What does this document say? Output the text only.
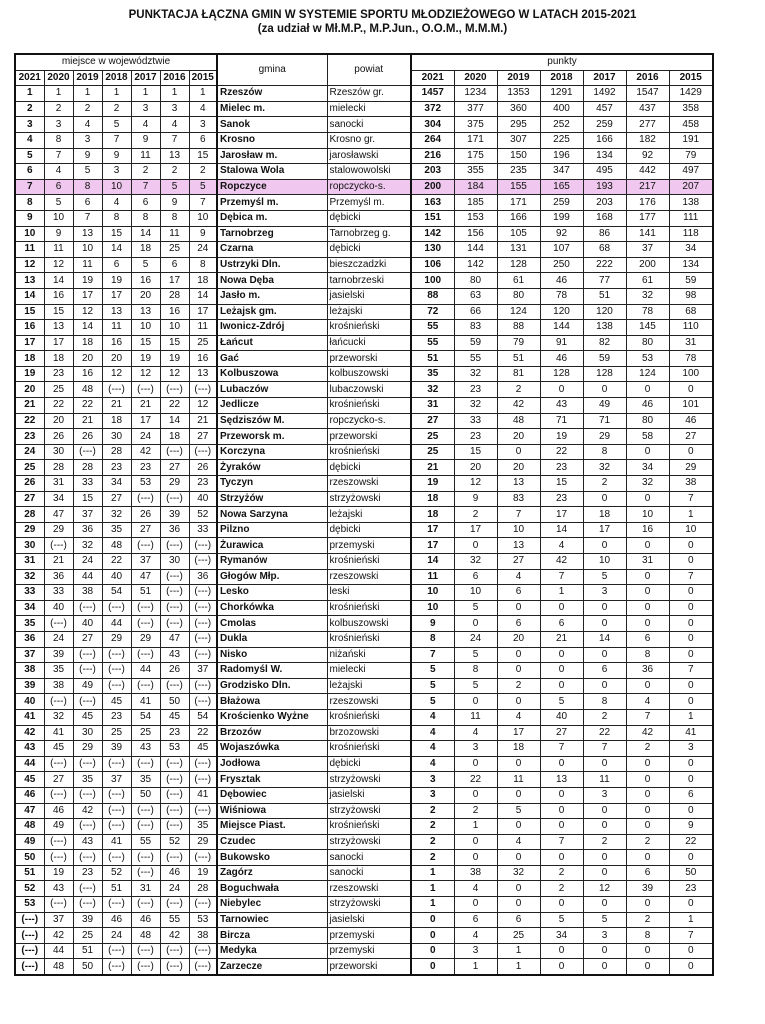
PUNKTACJA ŁĄCZNA GMIN W SYSTEMIE SPORTU MŁODZIEŻOWEGO W LATACH 2015-2021
(za udział w Mł.M.P., M.P.Jun., O.O.M., M.M.M.)
miejsce w województwie							gmina	powiat	punkty						
2021	2020	2019	2018	2017	2016	2015			2021	2020	2019	2018	2017	2016	2015
1	1	1	1	1	1	1	Rzeszów	Rzeszów gr.	1457	1234	1353	1291	1492	1547	1429
2	2	2	2	3	3	4	Mielec m.	mielecki	372	377	360	400	457	437	358
3	3	4	5	4	4	3	Sanok	sanocki	304	375	295	252	259	277	458
4	8	3	7	9	7	6	Krosno	Krosno gr.	264	171	307	225	166	182	191
5	7	9	9	11	13	15	Jarosław m.	jarosławski	216	175	150	196	134	92	79
6	4	5	3	2	2	2	Stalowa Wola	stalowowolski	203	355	235	347	495	442	497
7	6	8	10	7	5	5	Ropczyce	ropczycko-s.	200	184	155	165	193	217	207
8	5	6	4	6	9	7	Przemyśl m.	Przemyśl m.	163	185	171	259	203	176	138
9	10	7	8	8	8	10	Dębica m.	dębicki	151	153	166	199	168	177	111
10	9	13	15	14	11	9	Tarnobrzeg	Tarnobrzeg g.	142	156	105	92	86	141	118
11	11	10	14	18	25	24	Czarna	dębicki	130	144	131	107	68	37	34
12	12	11	6	5	6	8	Ustrzyki Dln.	bieszczadzki	106	142	128	250	222	200	134
13	14	19	19	16	17	18	Nowa Dęba	tarnobrzeski	100	80	61	46	77	61	59
14	16	17	17	20	28	14	Jasło m.	jasielski	88	63	80	78	51	32	98
15	15	12	13	13	16	17	Leżajsk gm.	leżajski	72	66	124	120	120	78	68
16	13	14	11	10	10	11	Iwonicz-Zdrój	krośnieński	55	83	88	144	138	145	110
17	17	18	16	15	15	25	Łańcut	łańcucki	55	59	79	91	82	80	31
18	18	20	20	19	19	16	Gać	przeworski	51	55	51	46	59	53	78
19	23	16	12	12	12	13	Kolbuszowa	kolbuszowski	35	32	81	128	128	124	100
20	25	48	(---)	(---)	(---)	(---)	Lubaczów	lubaczowski	32	23	2	0	0	0	0
21	22	22	21	21	22	12	Jedlicze	krośnieński	31	32	42	43	49	46	101
22	20	21	18	17	14	21	Sędziszów M.	ropczycko-s.	27	33	48	71	71	80	46
23	26	26	30	24	18	27	Przeworsk m.	przeworski	25	23	20	19	29	58	27
24	30	(---)	28	42	(---)	(---)	Korczyna	krośnieński	25	15	0	22	8	0	0
25	28	28	23	23	27	26	Żyraków	dębicki	21	20	20	23	32	34	29
26	31	33	34	53	29	23	Tyczyn	rzeszowski	19	12	13	15	2	32	38
27	34	15	27	(---)	(---)	40	Strzyżów	strzyżowski	18	9	83	23	0	0	7
28	47	37	32	26	39	52	Nowa Sarzyna	leżajski	18	2	7	17	18	10	1
29	29	36	35	27	36	33	Pilzno	dębicki	17	17	10	14	17	16	10
30	(---)	32	48	(---)	(---)	(---)	Żurawica	przemyski	17	0	13	4	0	0	0
31	21	24	22	37	30	(---)	Rymanów	krośnieński	14	32	27	42	10	31	0
32	36	44	40	47	(---)	36	Głogów Młp.	rzeszowski	11	6	4	7	5	0	7
33	33	38	54	51	(---)	(---)	Lesko	leski	10	10	6	1	3	0	0
34	40	(---)	(---)	(---)	(---)	(---)	Chorkówka	krośnieński	10	5	0	0	0	0	0
35	(---)	40	44	(---)	(---)	(---)	Cmolas	kolbuszowski	9	0	6	6	0	0	0
36	24	27	29	29	47	(---)	Dukla	krośnieński	8	24	20	21	14	6	0
37	39	(---)	(---)	(---)	43	(---)	Nisko	niżański	7	5	0	0	0	8	0
38	35	(---)	(---)	44	26	37	Radomyśl W.	mielecki	5	8	0	0	6	36	7
39	38	49	(---)	(---)	(---)	(---)	Grodzisko Dln.	leżajski	5	5	2	0	0	0	0
40	(---)	(---)	45	41	50	(---)	Błażowa	rzeszowski	5	0	0	5	8	4	0
41	32	45	23	54	45	54	Krościenko Wyżne	krośnieński	4	11	4	40	2	7	1
42	41	30	25	25	23	22	Brzozów	brzozowski	4	4	17	27	22	42	41
43	45	29	39	43	53	45	Wojaszówka	krośnieński	4	3	18	7	7	2	3
44	(---)	(---)	(---)	(---)	(---)	(---)	Jodłowa	dębicki	4	0	0	0	0	0	0
45	27	35	37	35	(---)	(---)	Frysztak	strzyżowski	3	22	11	13	11	0	0
46	(---)	(---)	(---)	50	(---)	41	Dębowiec	jasielski	3	0	0	0	3	0	6
47	46	42	(---)	(---)	(---)	(---)	Wiśniowa	strzyżowski	2	2	5	0	0	0	0
48	49	(---)	(---)	(---)	(---)	35	Miejsce Piast.	krośnieński	2	1	0	0	0	0	9
49	(---)	43	41	55	52	29	Czudec	strzyżowski	2	0	4	7	2	2	22
50	(---)	(---)	(---)	(---)	(---)	(---)	Bukowsko	sanocki	2	0	0	0	0	0	0
51	19	23	52	(---)	46	19	Zagórz	sanocki	1	38	32	2	0	6	50
52	43	(---)	51	31	24	28	Boguchwała	rzeszowski	1	4	0	2	12	39	23
53	(---)	(---)	(---)	(---)	(---)	(---)	Niebylec	strzyżowski	1	0	0	0	0	0	0
(---)	37	39	46	46	55	53	Tarnowiec	jasielski	0	6	6	5	5	2	1
(---)	42	25	24	48	42	38	Bircza	przemyski	0	4	25	34	3	8	7
(---)	44	51	(---)	(---)	(---)	(---)	Medyka	przemyski	0	3	1	0	0	0	0
(---)	48	50	(---)	(---)	(---)	(---)	Zarzecze	przeworski	0	1	1	0	0	0	0
